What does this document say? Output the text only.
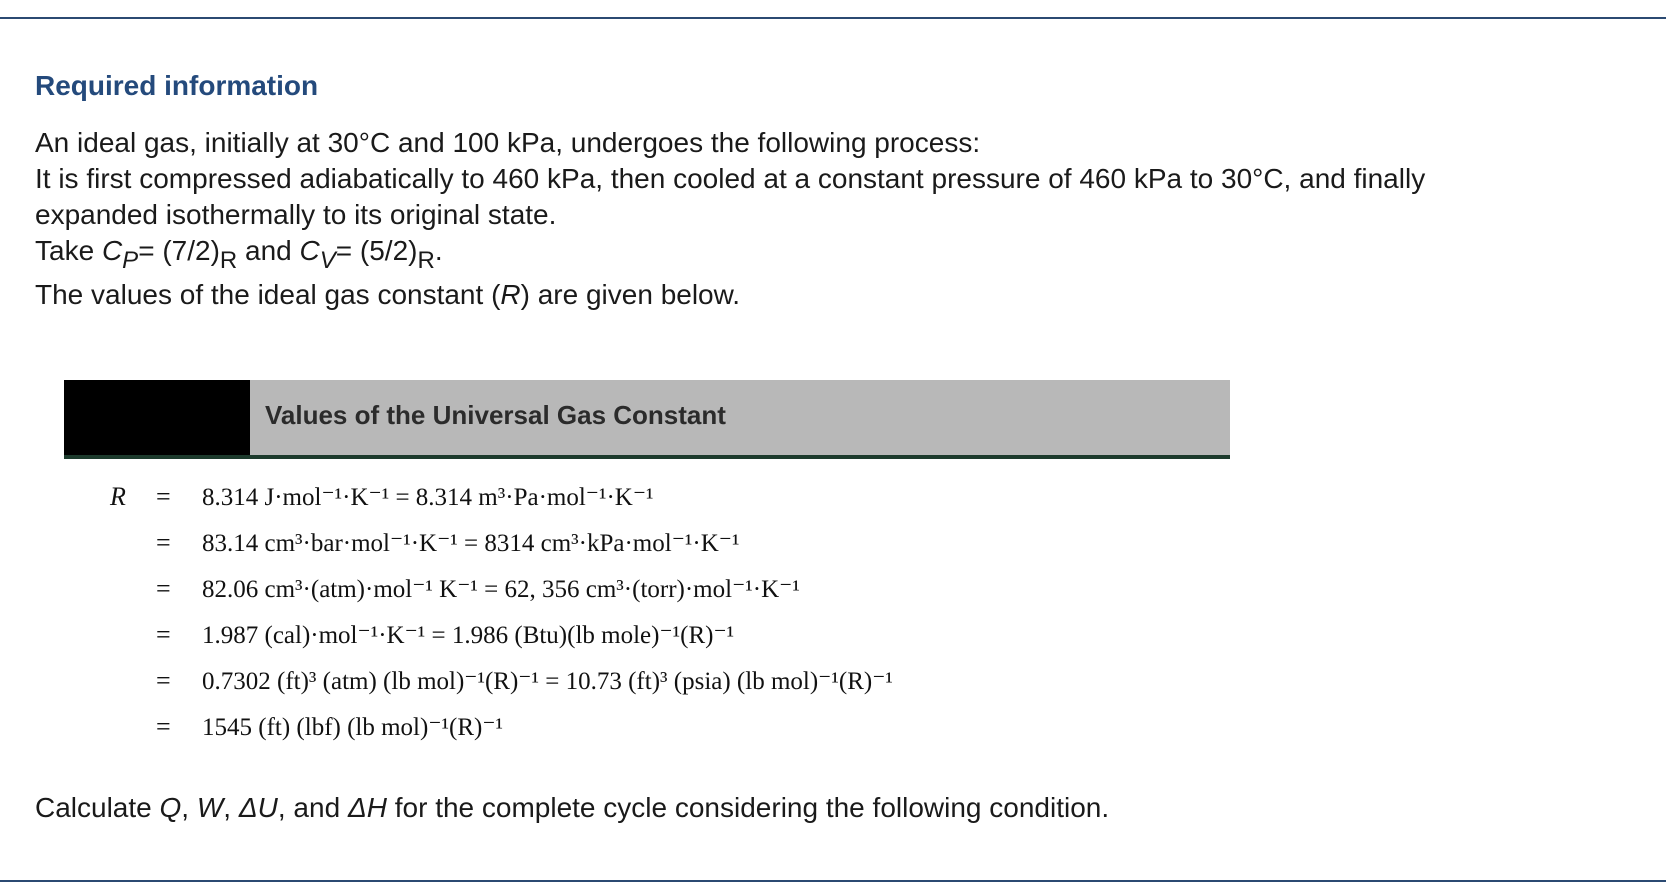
Required information
An ideal gas, initially at 30°C and 100 kPa, undergoes the following process:
It is first compressed adiabatically to 460 kPa, then cooled at a constant pressure of 460 kPa to 30°C, and finally
expanded isothermally to its original state.
Take CP= (7/2)R and CV= (5/2)R.
The values of the ideal gas constant (R) are given below.
Values of the Universal Gas Constant
R = 8.314 J·mol⁻¹·K⁻¹ = 8.314 m³·Pa·mol⁻¹·K⁻¹
= 83.14 cm³·bar·mol⁻¹·K⁻¹ = 8314 cm³·kPa·mol⁻¹·K⁻¹
= 82.06 cm³·(atm)·mol⁻¹ K⁻¹ = 62, 356 cm³·(torr)·mol⁻¹·K⁻¹
= 1.987 (cal)·mol⁻¹·K⁻¹ = 1.986 (Btu)(lb mole)⁻¹(R)⁻¹
= 0.7302 (ft)³ (atm) (lb mol)⁻¹(R)⁻¹ = 10.73 (ft)³ (psia) (lb mol)⁻¹(R)⁻¹
= 1545 (ft) (lbf) (lb mol)⁻¹(R)⁻¹
Calculate Q, W, ΔU, and ΔH for the complete cycle considering the following condition.
